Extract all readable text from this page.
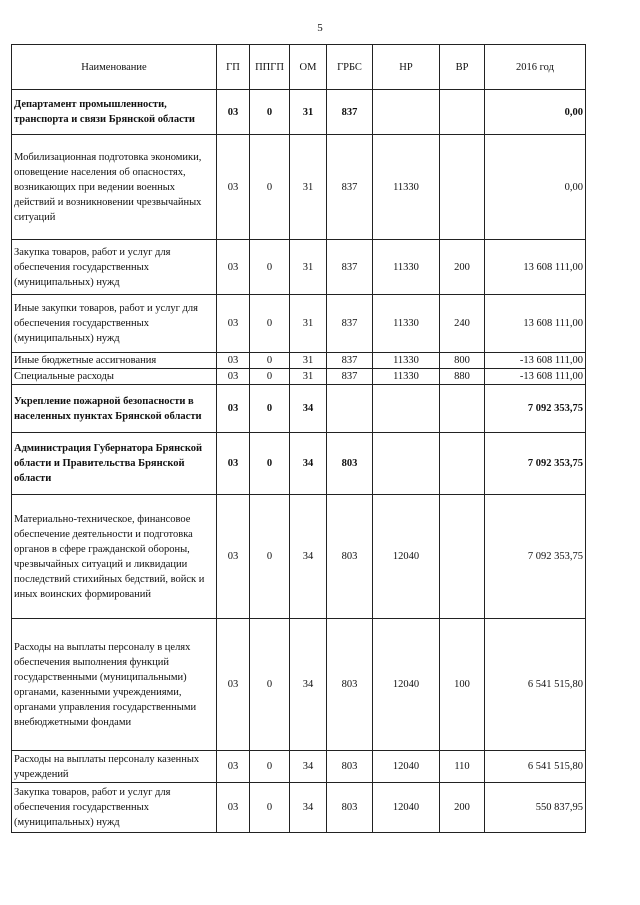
5
Наименование	ГП	ППГП	ОМ	ГРБС	НР	ВР	2016 год
Департамент промышленности, транспорта и связи Брянской области	03	0	31	837			0,00
Мобилизационная подготовка экономики, оповещение населения об опасностях, возникающих при ведении военных действий и возникновении чрезвычайных ситуаций	03	0	31	837	11330		0,00
Закупка товаров, работ и услуг для обеспечения государственных (муниципальных) нужд	03	0	31	837	11330	200	13 608 111,00
Иные закупки товаров, работ и услуг для обеспечения государственных (муниципальных) нужд	03	0	31	837	11330	240	13 608 111,00
Иные бюджетные ассигнования	03	0	31	837	11330	800	-13 608 111,00
Специальные расходы	03	0	31	837	11330	880	-13 608 111,00
Укрепление пожарной безопасности в населенных пунктах Брянской области	03	0	34				7 092 353,75
Администрация Губернатора Брянской области и Правительства Брянской области	03	0	34	803			7 092 353,75
Материально-техническое, финансовое обеспечение деятельности и подготовка органов в сфере гражданской обороны, чрезвычайных ситуаций и ликвидации последствий стихийных бедствий, войск и иных воинских формирований	03	0	34	803	12040		7 092 353,75
Расходы на выплаты персоналу в целях обеспечения выполнения функций государственными (муниципальными) органами, казенными учреждениями, органами управления государственными внебюджетными фондами	03	0	34	803	12040	100	6 541 515,80
Расходы на выплаты персоналу казенных учреждений	03	0	34	803	12040	110	6 541 515,80
Закупка товаров, работ и услуг для обеспечения государственных (муниципальных) нужд	03	0	34	803	12040	200	550 837,95
